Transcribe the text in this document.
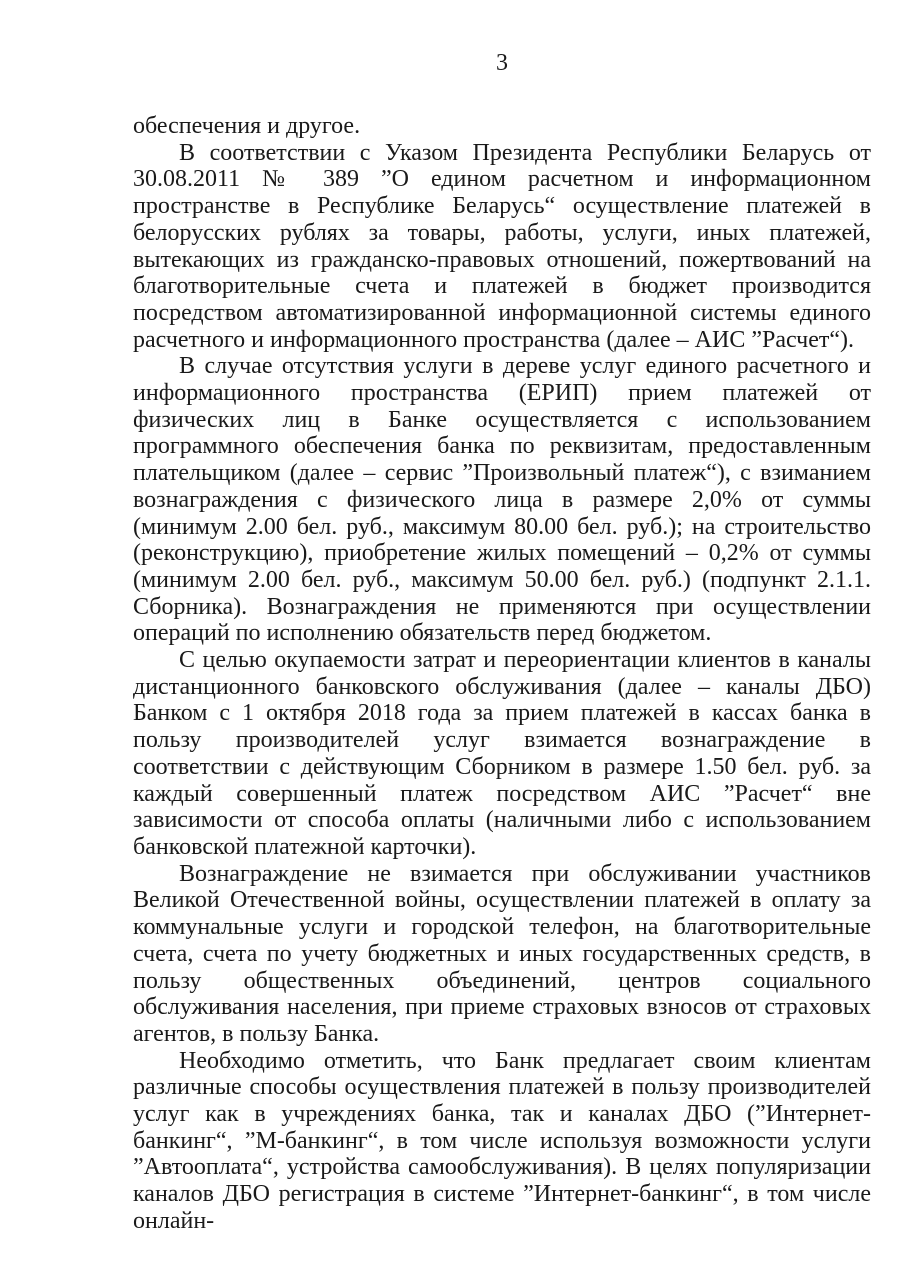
3

обеспечения и другое.

В соответствии с Указом Президента Республики Беларусь от 30.08.2011 № 389 ”О едином расчетном и информационном пространстве в Республике Беларусь“ осуществление платежей в белорусских рублях за товары, работы, услуги, иных платежей, вытекающих из гражданско-правовых отношений, пожертвований на благотворительные счета и платежей в бюджет производится посредством автоматизированной информационной системы единого расчетного и информационного пространства (далее – АИС ”Расчет“).

В случае отсутствия услуги в дереве услуг единого расчетного и информационного пространства (ЕРИП) прием платежей от физических лиц в Банке осуществляется с использованием программного обеспечения банка по реквизитам, предоставленным плательщиком (далее – сервис ”Произвольный платеж“), с взиманием вознаграждения с физического лица в размере 2,0% от суммы (минимум 2.00 бел. руб., максимум 80.00 бел. руб.); на строительство (реконструкцию), приобретение жилых помещений – 0,2% от суммы (минимум 2.00 бел. руб., максимум 50.00 бел. руб.) (подпункт 2.1.1. Сборника). Вознаграждения не применяются при осуществлении операций по исполнению обязательств перед бюджетом.

С целью окупаемости затрат и переориентации клиентов в каналы дистанционного банковского обслуживания (далее – каналы ДБО) Банком с 1 октября 2018 года за прием платежей в кассах банка в пользу производителей услуг взимается вознаграждение в соответствии с действующим Сборником в размере 1.50 бел. руб. за каждый совершенный платеж посредством АИС ”Расчет“ вне зависимости от способа оплаты (наличными либо с использованием банковской платежной карточки).

Вознаграждение не взимается при обслуживании участников Великой Отечественной войны, осуществлении платежей в оплату за коммунальные услуги и городской телефон, на благотворительные счета, счета по учету бюджетных и иных государственных средств, в пользу общественных объединений, центров социального обслуживания населения, при приеме страховых взносов от страховых агентов, в пользу Банка.

Необходимо отметить, что Банк предлагает своим клиентам различные способы осуществления платежей в пользу производителей услуг как в учреждениях банка, так и каналах ДБО (”Интернет-банкинг“, ”М-банкинг“, в том числе используя возможности услуги ”Автооплата“, устройства самообслуживания). В целях популяризации каналов ДБО регистрация в системе ”Интернет-банкинг“, в том числе онлайн-
